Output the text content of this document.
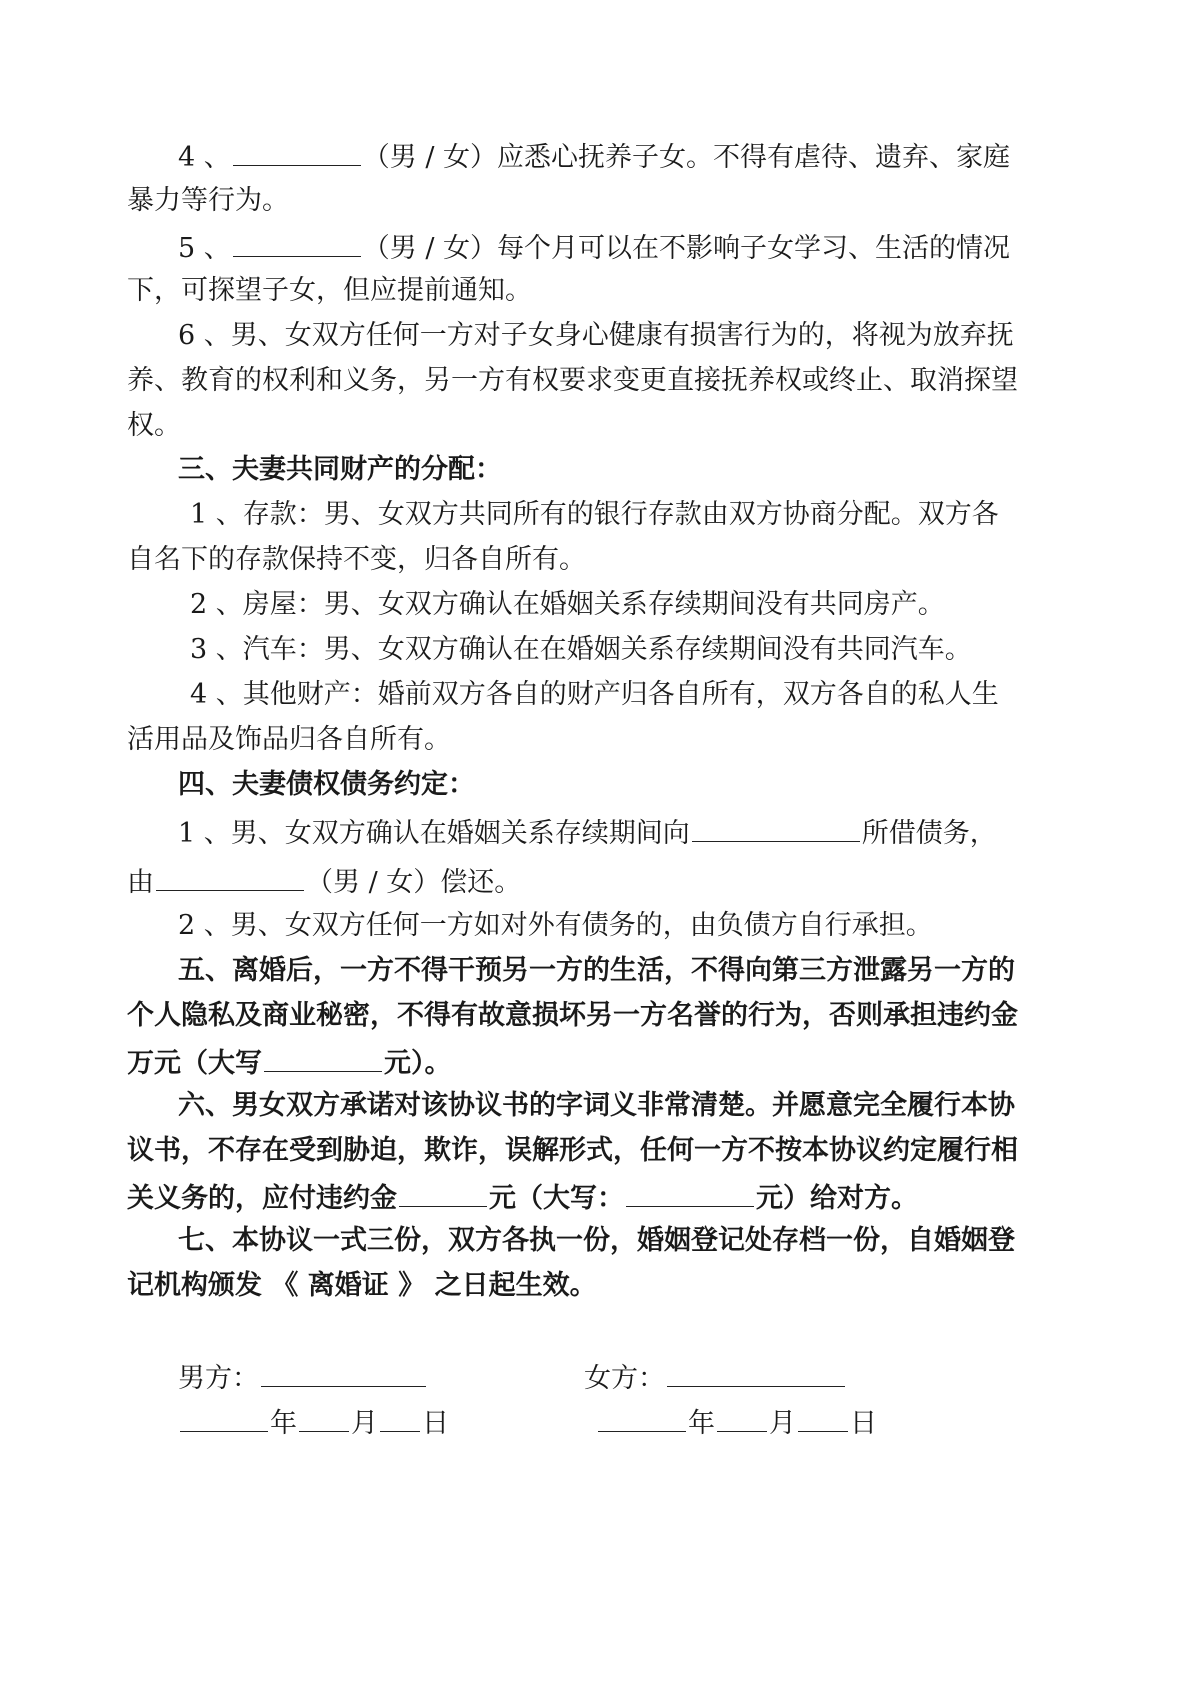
4 、	（男 / 女）应悉心抚养子女。不得有虐待、遗弃、家庭
暴力等行为。
5 、	（男 / 女）每个月可以在不影响子女学习、生活的情况
下，可探望子女，但应提前通知。
6 、男、女双方任何一方对子女身心健康有损害行为的，将视为放弃抚
养、教育的权利和义务，另一方有权要求变更直接抚养权或终止、取消探望
权。
三、夫妻共同财产的分配：
1 、存款：男、女双方共同所有的银行存款由双方协商分配。双方各
自名下的存款保持不变，归各自所有。
2 、房屋：男、女双方确认在婚姻关系存续期间没有共同房产。
3 、汽车：男、女双方确认在在婚姻关系存续期间没有共同汽车。
4 、其他财产：婚前双方各自的财产归各自所有，双方各自的私人生
活用品及饰品归各自所有。
四、夫妻债权债务约定：
1 、男、女双方确认在婚姻关系存续期间向	所借债务，
由	（男 / 女）偿还。
2 、男、女双方任何一方如对外有债务的，由负债方自行承担。
五、离婚后，一方不得干预另一方的生活，不得向第三方泄露另一方的
个人隐私及商业秘密，不得有故意损坏另一方名誉的行为，否则承担违约金
万元（大写	元）。
六、男女双方承诺对该协议书的字词义非常清楚。并愿意完全履行本协
议书，不存在受到胁迫，欺诈，误解形式，任何一方不按本协议约定履行相
关义务的，应付违约金	元（大写：	元）给对方。
七、本协议一式三份，双方各执一份，婚姻登记处存档一份，自婚姻登
记机构颁发 《 离婚证 》 之日起生效。
男方：	女方：
年 月 日	年 月 日
